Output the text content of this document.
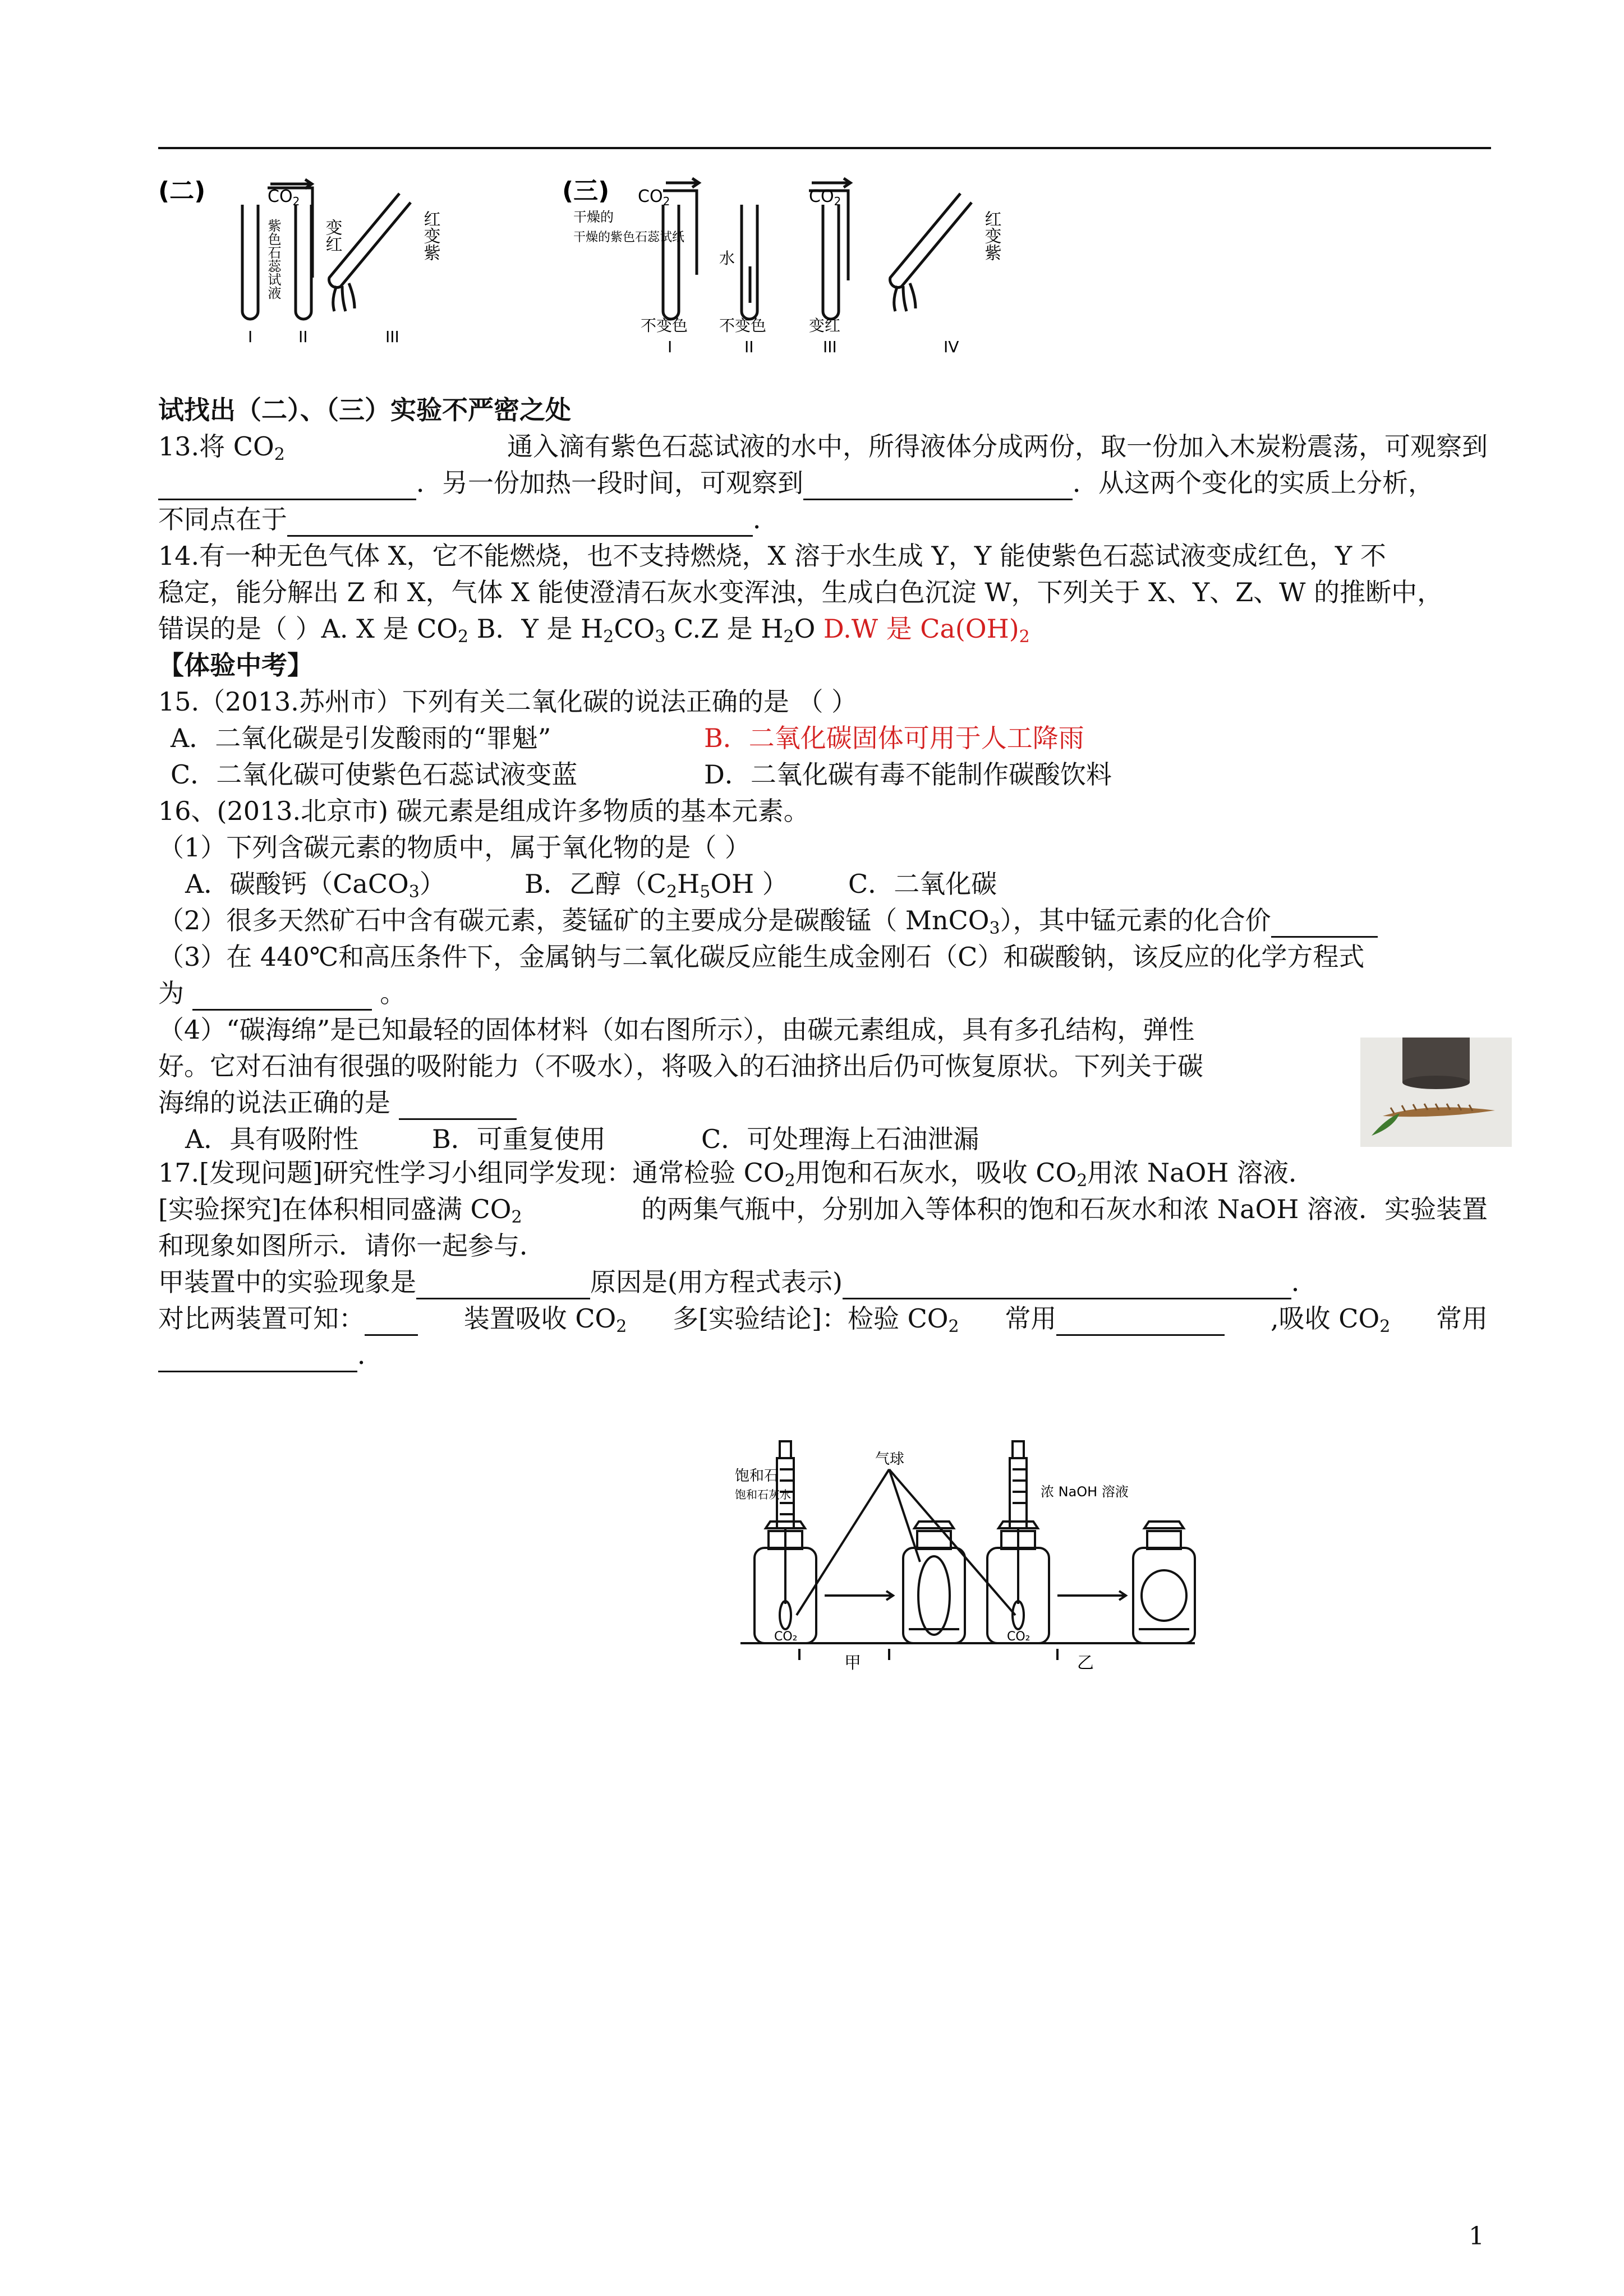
(二)	(三)
$CO_2$	$CO_2$	$CO_2$
紫色石蕊试液 变红	红变紫
I	II	III
干燥的
干燥的紫色石蕊试纸
水
不变色 不变色	变红
红变紫
I	II	III	IV
试找出（二）、（三）实验不严密之处
13.将 $CO_2$	通入滴有紫色石蕊试液的水中，所得液体分成两份，取一份加入木炭粉震荡，可观察到
．另一份加热一段时间，可观察到	．从这两个变化的实质上分析，
不同点在于	．
14.有一种无色气体 X，它不能燃烧，也不支持燃烧，X 溶于水生成 Y，Y 能使紫色石蕊试液变成红色，Y 不
稳定，能分解出 Z 和 X，气体 X 能使澄清石灰水变浑浊，生成白色沉淀 W，下列关于 X、Y、Z、W 的推断中，
错误的是（ ）A. X 是 $CO_2$ B．Y 是 $H_2CO_3$ C.Z 是 $H_2O$ D.W 是 $Ca(OH)_2$
【体验中考】
15.（2013.苏州市）下列有关二氧化碳的说法正确的是 （ ）
A．二氧化碳是引发酸雨的“罪魁”	B．二氧化碳固体可用于人工降雨
C．二氧化碳可使紫色石蕊试液变蓝	D．二氧化碳有毒不能制作碳酸饮料
16、(2013.北京市) 碳元素是组成许多物质的基本元素。
（1）下列含碳元素的物质中，属于氧化物的是（ ）
A．碳酸钙（CaCO$_3$）	B．乙醇（$C_2H_5OH$ ） C．二氧化碳
（2）很多天然矿石中含有碳元素，菱锰矿的主要成分是碳酸锰（ MnCO$_3$），其中锰元素的化合价
（3）在 440℃和高压条件下，金属钠与二氧化碳反应能生成金刚石（C）和碳酸钠，该反应的化学方程式
为	。
（4）“碳海绵”是已知最轻的固体材料（如右图所示），由碳元素组成，具有多孔结构，弹性
好。它对石油有很强的吸附能力（不吸水），将吸入的石油挤出后仍可恢复原状。下列关于碳
海绵的说法正确的是
A．具有吸附性	B．可重复使用	C．可处理海上石油泄漏
17.[发现问题]研究性学习小组同学发现：通常检验 $CO_2$用饱和石灰水，吸收 $CO_2$用浓 NaOH 溶液．
[实验探究]在体积相同盛满 $CO_2$	的两集气瓶中，分别加入等体积的饱和石灰水和浓 NaOH 溶液．实验装置
和现象如图所示．请你一起参与．
甲装置中的实验现象是	原因是(用方程式表示)	．
对比两装置可知：	装置吸收 $CO_2$ 多[实验结论]：检验 $CO_2$ 常用	,吸收 $CO_2$ 常用
．
饱和石
饱和石灰水
气球
浓 NaOH 溶液
CO₂	CO₂
甲	乙
1
